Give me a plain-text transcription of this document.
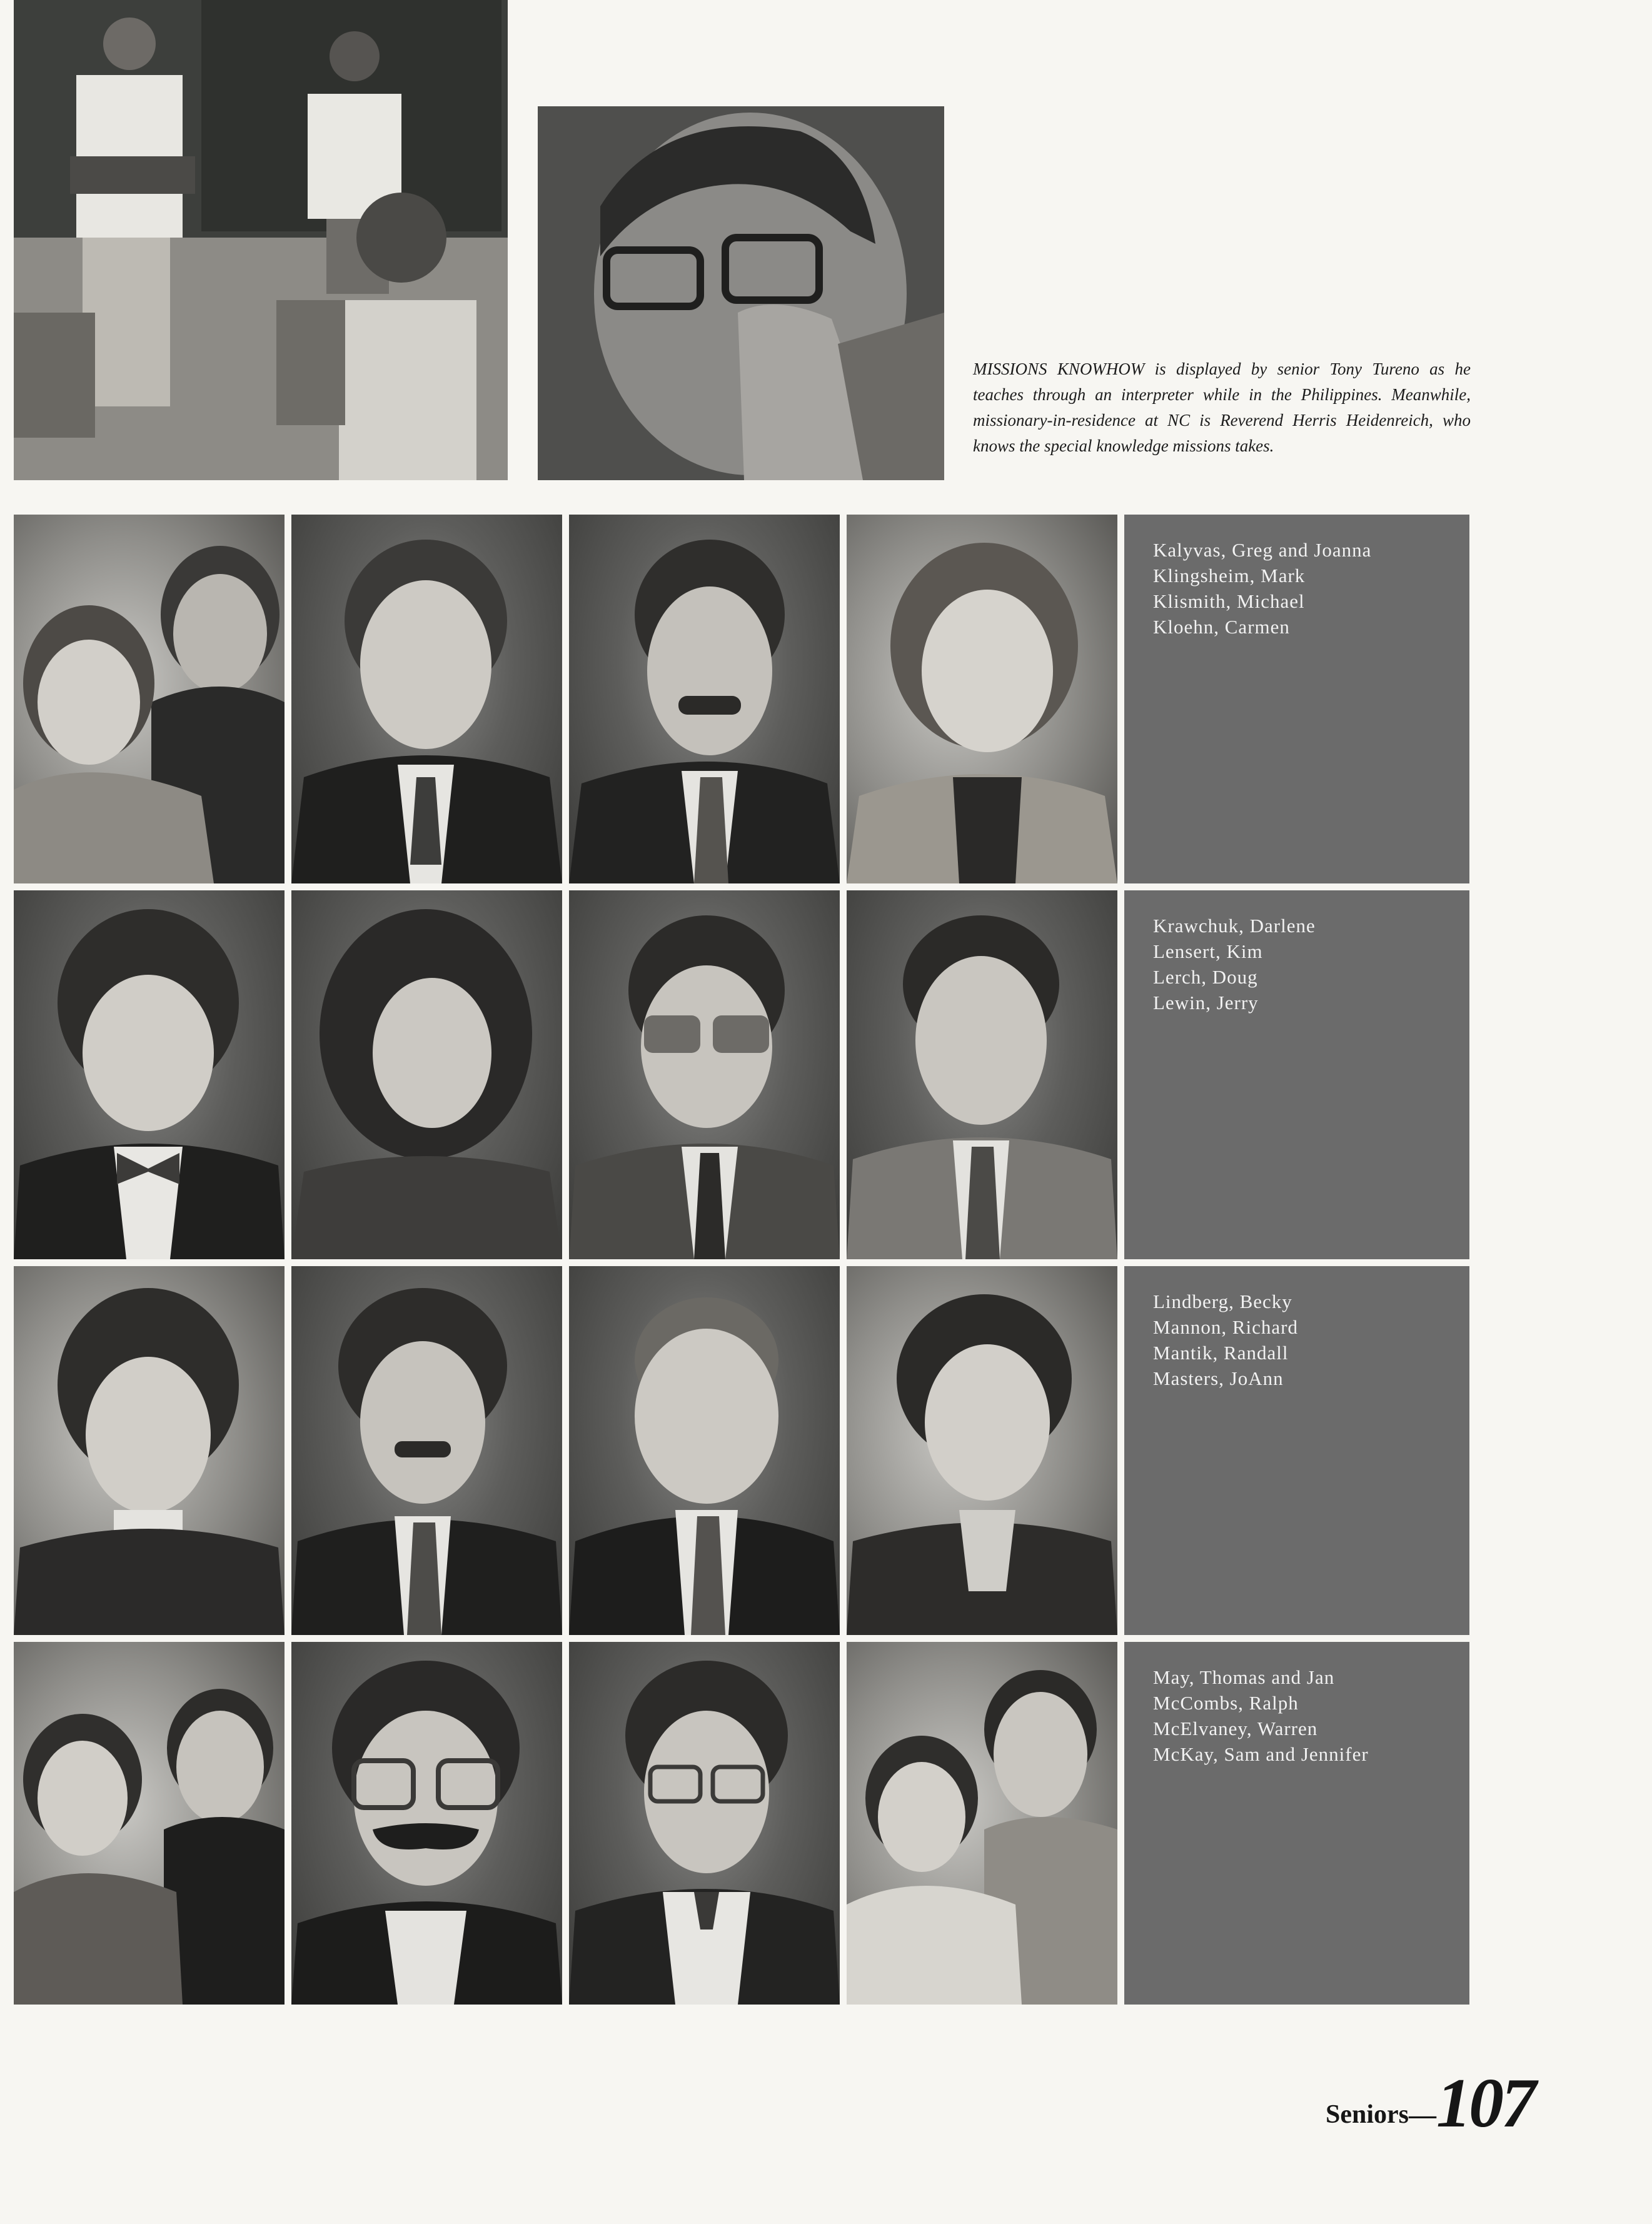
MISSIONS KNOWHOW is displayed by senior Tony Tureno as he teaches through an interpreter while in the Philippines. Meanwhile, missionary-in-residence at NC is Reverend Herris Heidenreich, who knows the special knowledge missions takes.
Kalyvas, Greg and Joanna
Klingsheim, Mark
Klismith, Michael
Kloehn, Carmen
Krawchuk, Darlene
Lensert, Kim
Lerch, Doug
Lewin, Jerry
Lindberg, Becky
Mannon, Richard
Mantik, Randall
Masters, JoAnn
May, Thomas and Jan
McCombs, Ralph
McElvaney, Warren
McKay, Sam and Jennifer
Seniors — 107
